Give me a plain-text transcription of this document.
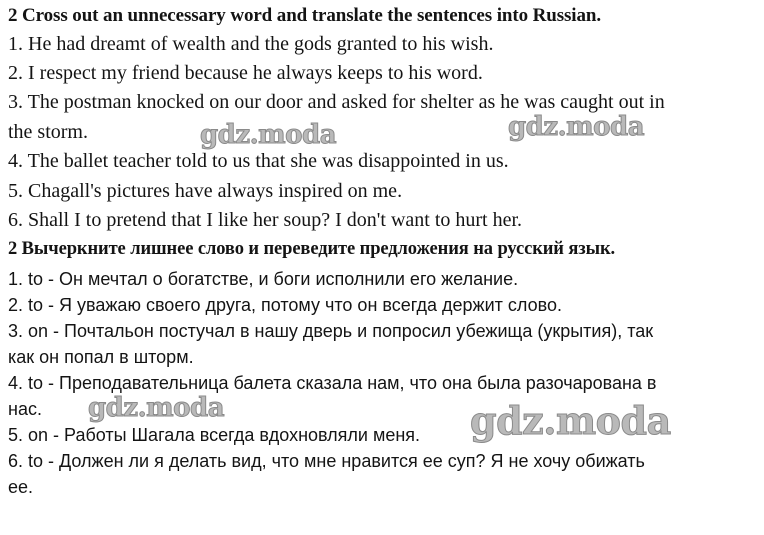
2 Cross out an unnecessary word and translate the sentences into Russian.

1. He had dreamt of wealth and the gods granted to his wish.

2. I respect my friend because he always keeps to his word.

3. The postman knocked on our door and asked for shelter as he was caught out in

the storm.

4. The ballet teacher told to us that she was disappointed in us.

5. Chagall's pictures have always inspired on me.

6. Shall I to pretend that I like her soup? I don't want to hurt her.

2 Вычеркните лишнее слово и переведите предложения на русский язык.

1. to - Он мечтал о богатстве, и боги исполнили его желание.

2. to - Я уважаю своего друга, потому что он всегда держит слово.

3. on - Почтальон постучал в нашу дверь и попросил убежища (укрытия), так

как он попал в шторм.

4. to - Преподавательница балета сказала нам, что она была разочарована в

нас.

5. on - Работы Шагала всегда вдохновляли меня.

6. to - Должен ли я делать вид, что мне нравится ее суп? Я не хочу обижать

ее.

gdz.moda	gdz.moda
gdz.moda	gdz.moda
